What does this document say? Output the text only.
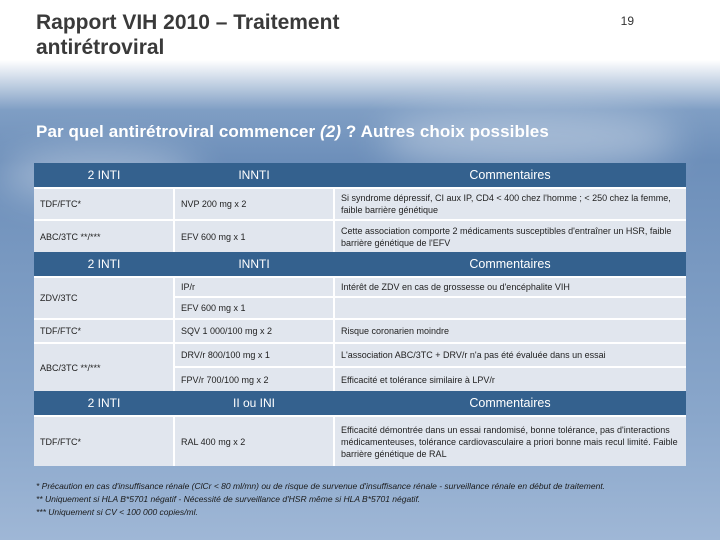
Rapport VIH 2010 – Traitement
antirétroviral
19
Par quel antirétroviral commencer (2) ? Autres choix possibles
2 INTI	INNTI	Commentaires
TDF/FTC*	NVP 200 mg x 2	Si syndrome dépressif, CI aux IP, CD4 < 400 chez l'homme ; < 250 chez la femme, faible barrière génétique
ABC/3TC **/***	EFV 600 mg x 1	Cette association comporte 2 médicaments susceptibles d'entraîner un HSR, faible barrière génétique de l'EFV
2 INTI	INNTI	Commentaires
ZDV/3TC	IP/r	Intérêt de ZDV en cas de grossesse ou d'encéphalite VIH
	EFV 600 mg x 1	
TDF/FTC*	SQV 1 000/100 mg x 2	Risque coronarien moindre
ABC/3TC **/***	DRV/r 800/100 mg x 1	L'association ABC/3TC + DRV/r n'a pas été évaluée dans un essai
	FPV/r 700/100 mg x 2	Efficacité et tolérance similaire à LPV/r
2 INTI	II ou INI	Commentaires
TDF/FTC*	RAL 400 mg x 2	Efficacité démontrée dans un essai randomisé, bonne tolérance, pas d'interactions médicamenteuses, tolérance cardiovasculaire a priori bonne mais recul limité. Faible barrière génétique de RAL
* Précaution en cas d'insuffisance rénale (ClCr < 80 ml/mn) ou de risque de survenue d'insuffisance rénale - surveillance rénale en début de traitement.
** Uniquement si HLA B*5701 négatif - Nécessité de surveillance d'HSR même si HLA B*5701 négatif.
*** Uniquement si CV < 100 000 copies/ml.
